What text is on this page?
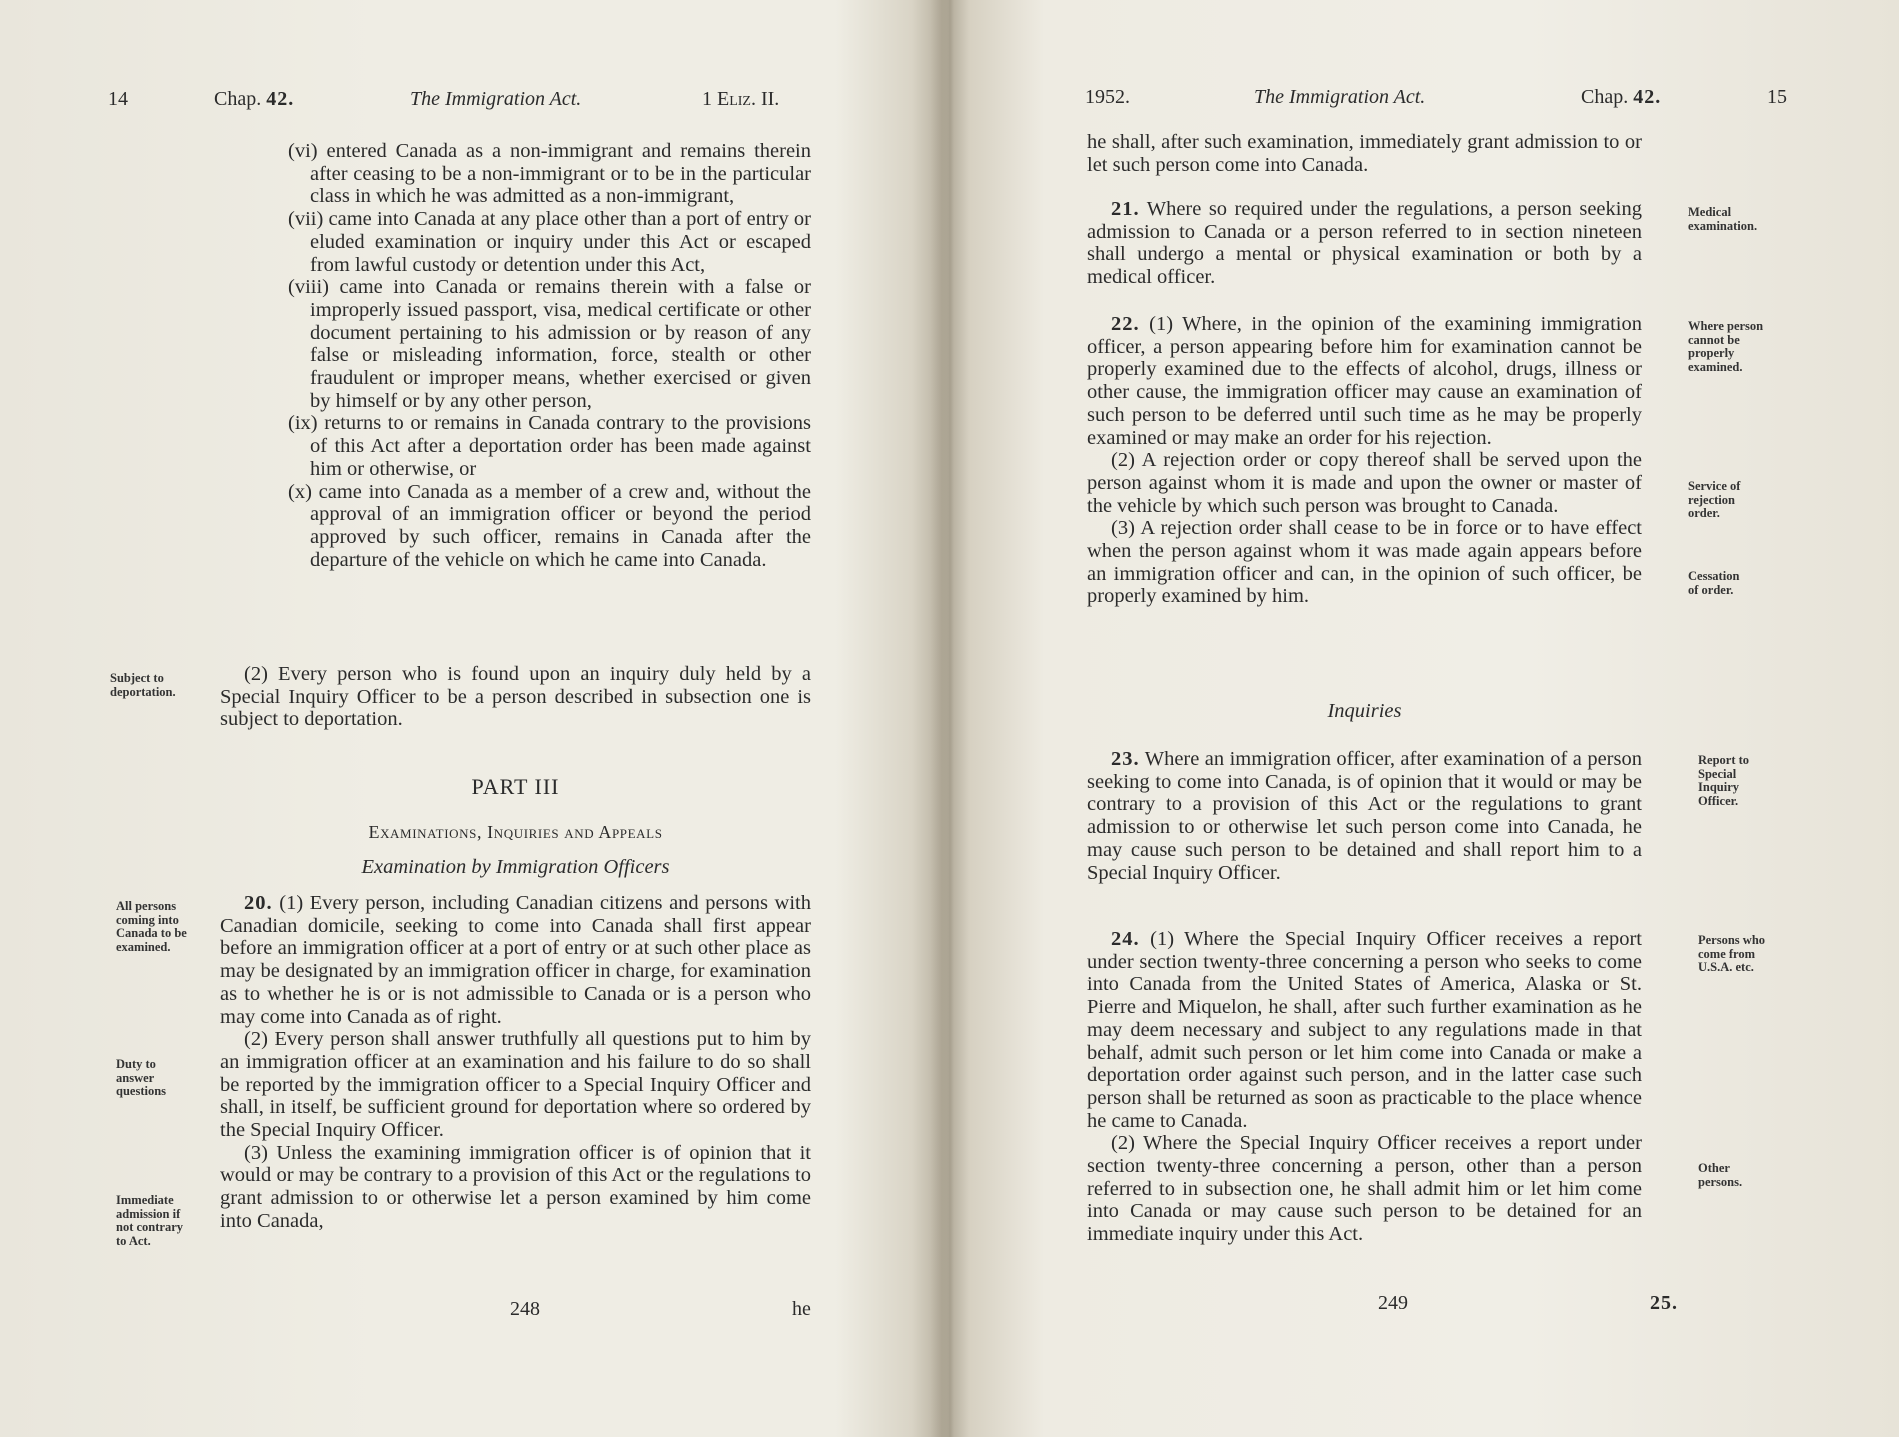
14	Chap. 42.	The Immigration Act.	1 Eliz. II.

(vi) entered Canada as a non-immigrant and remains therein after ceasing to be a non-immigrant or to be in the particular class in which he was admitted as a non-immigrant,

(vii) came into Canada at any place other than a port of entry or eluded examination or inquiry under this Act or escaped from lawful custody or detention under this Act,

(viii) came into Canada or remains therein with a false or improperly issued passport, visa, medical certificate or other document pertaining to his admission or by reason of any false or misleading information, force, stealth or other fraudulent or improper means, whether exercised or given by himself or by any other person,

(ix) returns to or remains in Canada contrary to the provisions of this Act after a deportation order has been made against him or otherwise, or

(x) came into Canada as a member of a crew and, without the approval of an immigration officer or beyond the period approved by such officer, remains in Canada after the departure of the vehicle on which he came into Canada.

(2) Every person who is found upon an inquiry duly held by a Special Inquiry Officer to be a person described in subsection one is subject to deportation.

Subject to
deportation.
PART III
Examinations, Inquiries and Appeals
Examination by Immigration Officers

20. (1) Every person, including Canadian citizens and persons with Canadian domicile, seeking to come into Canada shall first appear before an immigration officer at a port of entry or at such other place as may be designated by an immigration officer in charge, for examination as to whether he is or is not admissible to Canada or is a person who may come into Canada as of right.

(2) Every person shall answer truthfully all questions put to him by an immigration officer at an examination and his failure to do so shall be reported by the immigration officer to a Special Inquiry Officer and shall, in itself, be sufficient ground for deportation where so ordered by the Special Inquiry Officer.

(3) Unless the examining immigration officer is of opinion that it would or may be contrary to a provision of this Act or the regulations to grant admission to or otherwise let a person examined by him come into Canada,

All persons
coming into
Canada to be
examined.
Duty to
answer
questions
Immediate
admission if
not contrary
to Act.
248	he
1952.	The Immigration Act.	Chap. 42.	15

he shall, after such examination, immediately grant admission to or let such person come into Canada.

21. Where so required under the regulations, a person seeking admission to Canada or a person referred to in section nineteen shall undergo a mental or physical examination or both by a medical officer.

Medical
examination.

22. (1) Where, in the opinion of the examining immigration officer, a person appearing before him for examination cannot be properly examined due to the effects of alcohol, drugs, illness or other cause, the immigration officer may cause an examination of such person to be deferred until such time as he may be properly examined or may make an order for his rejection.

(2) A rejection order or copy thereof shall be served upon the person against whom it is made and upon the owner or master of the vehicle by which such person was brought to Canada.

(3) A rejection order shall cease to be in force or to have effect when the person against whom it was made again appears before an immigration officer and can, in the opinion of such officer, be properly examined by him.

Where person
cannot be
properly
examined.
Service of
rejection
order.
Cessation
of order.
Inquiries

23. Where an immigration officer, after examination of a person seeking to come into Canada, is of opinion that it would or may be contrary to a provision of this Act or the regulations to grant admission to or otherwise let such person come into Canada, he may cause such person to be detained and shall report him to a Special Inquiry Officer.

Report to
Special
Inquiry
Officer.

24. (1) Where the Special Inquiry Officer receives a report under section twenty-three concerning a person who seeks to come into Canada from the United States of America, Alaska or St. Pierre and Miquelon, he shall, after such further examination as he may deem necessary and subject to any regulations made in that behalf, admit such person or let him come into Canada or make a deportation order against such person, and in the latter case such person shall be returned as soon as practicable to the place whence he came to Canada.

(2) Where the Special Inquiry Officer receives a report under section twenty-three concerning a person, other than a person referred to in subsection one, he shall admit him or let him come into Canada or may cause such person to be detained for an immediate inquiry under this Act.

Persons who
come from
U.S.A. etc.
Other
persons.
249	25.
